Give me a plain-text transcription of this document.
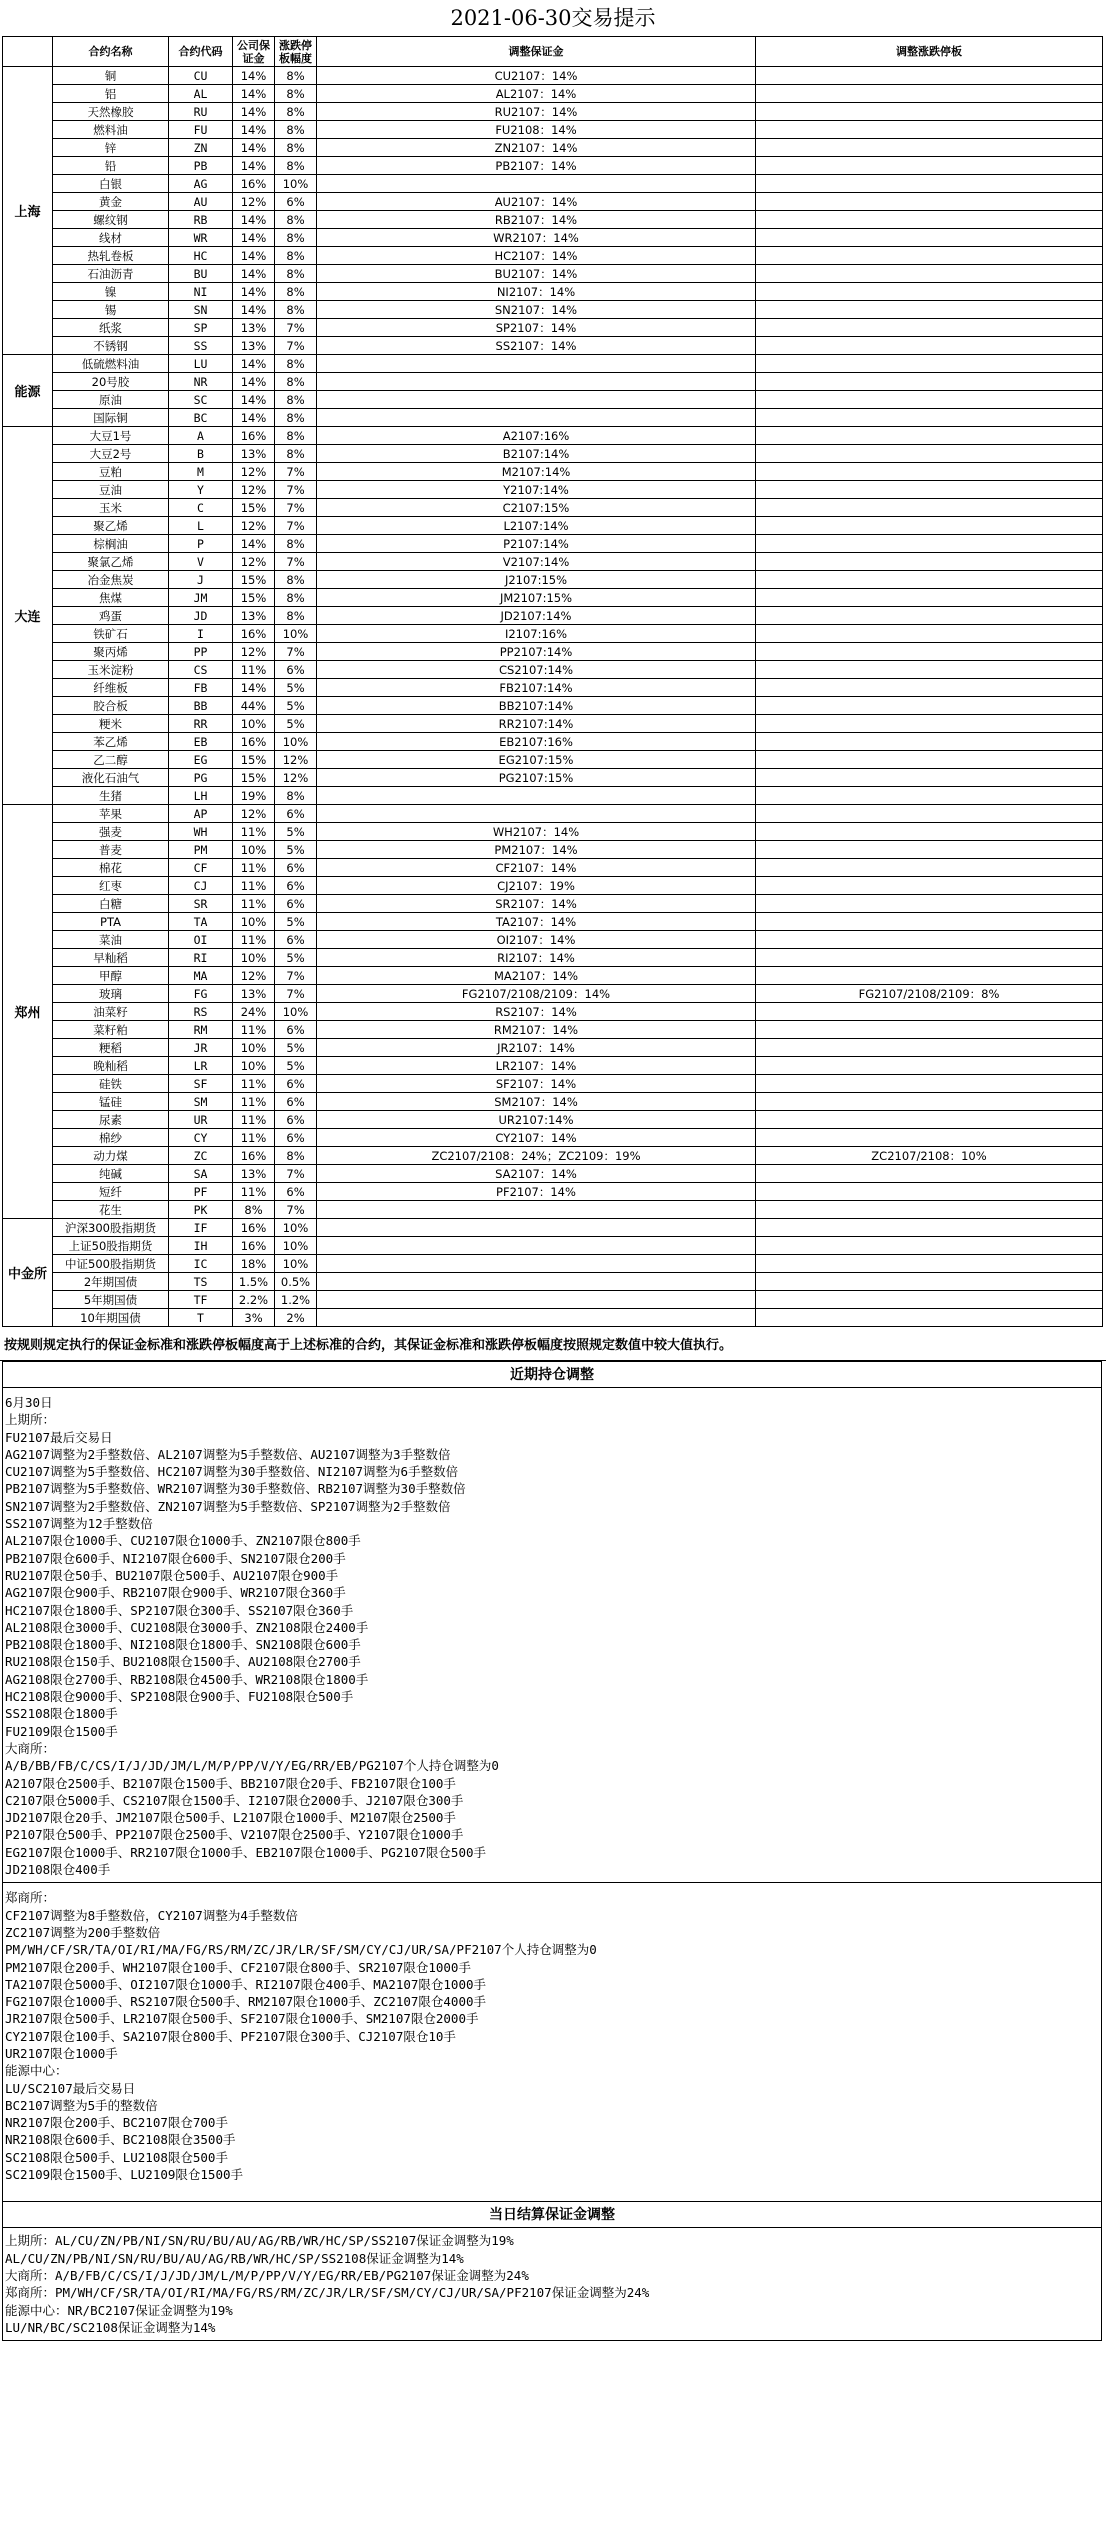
2021-06-30交易提示
	合约名称	合约代码	公司保证金	涨跌停板幅度	调整保证金	调整涨跌停板
上海	铜	CU	14%	8%	CU2107：14%	
	铝	AL	14%	8%	AL2107：14%	
	天然橡胶	RU	14%	8%	RU2107：14%	
	燃料油	FU	14%	8%	FU2108：14%	
	锌	ZN	14%	8%	ZN2107：14%	
	铅	PB	14%	8%	PB2107：14%	
	白银	AG	16%	10%		
	黄金	AU	12%	6%	AU2107：14%	
	螺纹钢	RB	14%	8%	RB2107：14%	
	线材	WR	14%	8%	WR2107：14%	
	热轧卷板	HC	14%	8%	HC2107：14%	
	石油沥青	BU	14%	8%	BU2107：14%	
	镍	NI	14%	8%	NI2107：14%	
	锡	SN	14%	8%	SN2107：14%	
	纸浆	SP	13%	7%	SP2107：14%	
	不锈钢	SS	13%	7%	SS2107：14%	
能源	低硫燃料油	LU	14%	8%		
	20号胶	NR	14%	8%		
	原油	SC	14%	8%		
	国际铜	BC	14%	8%		
大连	大豆1号	A	16%	8%	A2107:16%	
	大豆2号	B	13%	8%	B2107:14%	
	豆粕	M	12%	7%	M2107:14%	
	豆油	Y	12%	7%	Y2107:14%	
	玉米	C	15%	7%	C2107:15%	
	聚乙烯	L	12%	7%	L2107:14%	
	棕榈油	P	14%	8%	P2107:14%	
	聚氯乙烯	V	12%	7%	V2107:14%	
	冶金焦炭	J	15%	8%	J2107:15%	
	焦煤	JM	15%	8%	JM2107:15%	
	鸡蛋	JD	13%	8%	JD2107:14%	
	铁矿石	I	16%	10%	I2107:16%	
	聚丙烯	PP	12%	7%	PP2107:14%	
	玉米淀粉	CS	11%	6%	CS2107:14%	
	纤维板	FB	14%	5%	FB2107:14%	
	胶合板	BB	44%	5%	BB2107:14%	
	粳米	RR	10%	5%	RR2107:14%	
	苯乙烯	EB	16%	10%	EB2107:16%	
	乙二醇	EG	15%	12%	EG2107:15%	
	液化石油气	PG	15%	12%	PG2107:15%	
	生猪	LH	19%	8%		
郑州	苹果	AP	12%	6%		
	强麦	WH	11%	5%	WH2107：14%	
	普麦	PM	10%	5%	PM2107：14%	
	棉花	CF	11%	6%	CF2107：14%	
	红枣	CJ	11%	6%	CJ2107：19%	
	白糖	SR	11%	6%	SR2107：14%	
	PTA	TA	10%	5%	TA2107：14%	
	菜油	OI	11%	6%	OI2107：14%	
	早籼稻	RI	10%	5%	RI2107：14%	
	甲醇	MA	12%	7%	MA2107：14%	
	玻璃	FG	13%	7%	FG2107/2108/2109：14%	FG2107/2108/2109：8%
	油菜籽	RS	24%	10%	RS2107：14%	
	菜籽粕	RM	11%	6%	RM2107：14%	
	粳稻	JR	10%	5%	JR2107：14%	
	晚籼稻	LR	10%	5%	LR2107：14%	
	硅铁	SF	11%	6%	SF2107：14%	
	锰硅	SM	11%	6%	SM2107：14%	
	尿素	UR	11%	6%	UR2107:14%	
	棉纱	CY	11%	6%	CY2107：14%	
	动力煤	ZC	16%	8%	ZC2107/2108：24%；ZC2109：19%	ZC2107/2108：10%
	纯碱	SA	13%	7%	SA2107：14%	
	短纤	PF	11%	6%	PF2107：14%	
	花生	PK	8%	7%		
中金所	沪深300股指期货	IF	16%	10%		
	上证50股指期货	IH	16%	10%		
	中证500股指期货	IC	18%	10%		
	2年期国债	TS	1.5%	0.5%		
	5年期国债	TF	2.2%	1.2%		
	10年期国债	T	3%	2%		
按规则规定执行的保证金标准和涨跌停板幅度高于上述标准的合约，其保证金标准和涨跌停板幅度按照规定数值中较大值执行。
近期持仓调整
6月30日
上期所：
FU2107最后交易日
AG2107调整为2手整数倍、AL2107调整为5手整数倍、AU2107调整为3手整数倍
CU2107调整为5手整数倍、HC2107调整为30手整数倍、NI2107调整为6手整数倍
PB2107调整为5手整数倍、WR2107调整为30手整数倍、RB2107调整为30手整数倍
SN2107调整为2手整数倍、ZN2107调整为5手整数倍、SP2107调整为2手整数倍
SS2107调整为12手整数倍
AL2107限仓1000手、CU2107限仓1000手、ZN2107限仓800手
PB2107限仓600手、NI2107限仓600手、SN2107限仓200手
RU2107限仓50手、BU2107限仓500手、AU2107限仓900手
AG2107限仓900手、RB2107限仓900手、WR2107限仓360手
HC2107限仓1800手、SP2107限仓300手、SS2107限仓360手
AL2108限仓3000手、CU2108限仓3000手、ZN2108限仓2400手
PB2108限仓1800手、NI2108限仓1800手、SN2108限仓600手
RU2108限仓150手、BU2108限仓1500手、AU2108限仓2700手
AG2108限仓2700手、RB2108限仓4500手、WR2108限仓1800手
HC2108限仓9000手、SP2108限仓900手、FU2108限仓500手
SS2108限仓1800手
FU2109限仓1500手
大商所：
A/B/BB/FB/C/CS/I/J/JD/JM/L/M/P/PP/V/Y/EG/RR/EB/PG2107个人持仓调整为0
A2107限仓2500手、B2107限仓1500手、BB2107限仓20手、FB2107限仓100手
C2107限仓5000手、CS2107限仓1500手、I2107限仓2000手、J2107限仓300手
JD2107限仓20手、JM2107限仓500手、L2107限仓1000手、M2107限仓2500手
P2107限仓500手、PP2107限仓2500手、V2107限仓2500手、Y2107限仓1000手
EG2107限仓1000手、RR2107限仓1000手、EB2107限仓1000手、PG2107限仓500手
JD2108限仓400手
郑商所：
CF2107调整为8手整数倍，CY2107调整为4手整数倍
ZC2107调整为200手整数倍
PM/WH/CF/SR/TA/OI/RI/MA/FG/RS/RM/ZC/JR/LR/SF/SM/CY/CJ/UR/SA/PF2107个人持仓调整为0
PM2107限仓200手、WH2107限仓100手、CF2107限仓800手、SR2107限仓1000手
TA2107限仓5000手、OI2107限仓1000手、RI2107限仓400手、MA2107限仓1000手
FG2107限仓1000手、RS2107限仓500手、RM2107限仓1000手、ZC2107限仓4000手
JR2107限仓500手、LR2107限仓500手、SF2107限仓1000手、SM2107限仓2000手
CY2107限仓100手、SA2107限仓800手、PF2107限仓300手、CJ2107限仓10手
UR2107限仓1000手
能源中心：
LU/SC2107最后交易日
BC2107调整为5手的整数倍
NR2107限仓200手、BC2107限仓700手
NR2108限仓600手、BC2108限仓3500手
SC2108限仓500手、LU2108限仓500手
SC2109限仓1500手、LU2109限仓1500手
当日结算保证金调整
上期所：AL/CU/ZN/PB/NI/SN/RU/BU/AU/AG/RB/WR/HC/SP/SS2107保证金调整为19%
AL/CU/ZN/PB/NI/SN/RU/BU/AU/AG/RB/WR/HC/SP/SS2108保证金调整为14%
大商所：A/B/FB/C/CS/I/J/JD/JM/L/M/P/PP/V/Y/EG/RR/EB/PG2107保证金调整为24%
郑商所：PM/WH/CF/SR/TA/OI/RI/MA/FG/RS/RM/ZC/JR/LR/SF/SM/CY/CJ/UR/SA/PF2107保证金调整为24%
能源中心：NR/BC2107保证金调整为19%
LU/NR/BC/SC2108保证金调整为14%
